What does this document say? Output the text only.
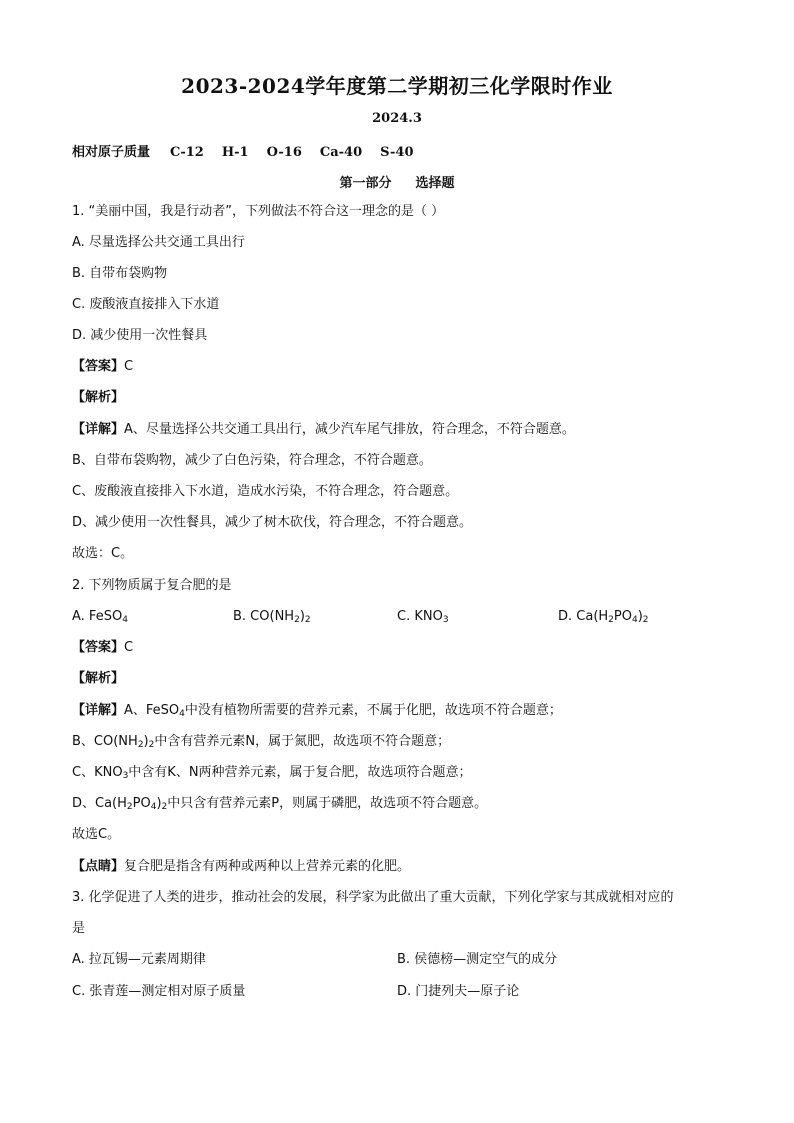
2023-2024学年度第二学期初三化学限时作业
2024.3
相对原子质量 C-12 H-1 O-16 Ca-40 S-40
第一部分 选择题
1. “美丽中国，我是行动者”，下列做法不符合这一理念的是（ ）
A. 尽量选择公共交通工具出行
B. 自带布袋购物
C. 废酸液直接排入下水道
D. 减少使用一次性餐具
【答案】C
【解析】
【详解】A、尽量选择公共交通工具出行，减少汽车尾气排放，符合理念，不符合题意。
B、自带布袋购物，减少了白色污染，符合理念，不符合题意。
C、废酸液直接排入下水道，造成水污染，不符合理念，符合题意。
D、减少使用一次性餐具，减少了树木砍伐，符合理念，不符合题意。
故选：C。
2. 下列物质属于复合肥的是
A. FeSO$_4$	B. $CO(NH_2)_2$	C. $KNO_3$	D. $Ca(H_2PO_4)_2$
【答案】C
【解析】
【详解】A、FeSO$_4$中没有植物所需要的营养元素，不属于化肥，故选项不符合题意；
B、$CO(NH_2)_2$中含有营养元素N，属于氮肥，故选项不符合题意；
C、$KNO_3$中含有K、N两种营养元素，属于复合肥，故选项符合题意；
D、$Ca(H_2PO_4)_2$中只含有营养元素P，则属于磷肥，故选项不符合题意。
故选C。
【点睛】复合肥是指含有两种或两种以上营养元素的化肥。
3. 化学促进了人类的进步，推动社会的发展，科学家为此做出了重大贡献，下列化学家与其成就相对应的
是
A. 拉瓦锡—元素周期律	B. 侯德榜—测定空气的成分
C. 张青莲—测定相对原子质量	D. 门捷列夫—原子论
